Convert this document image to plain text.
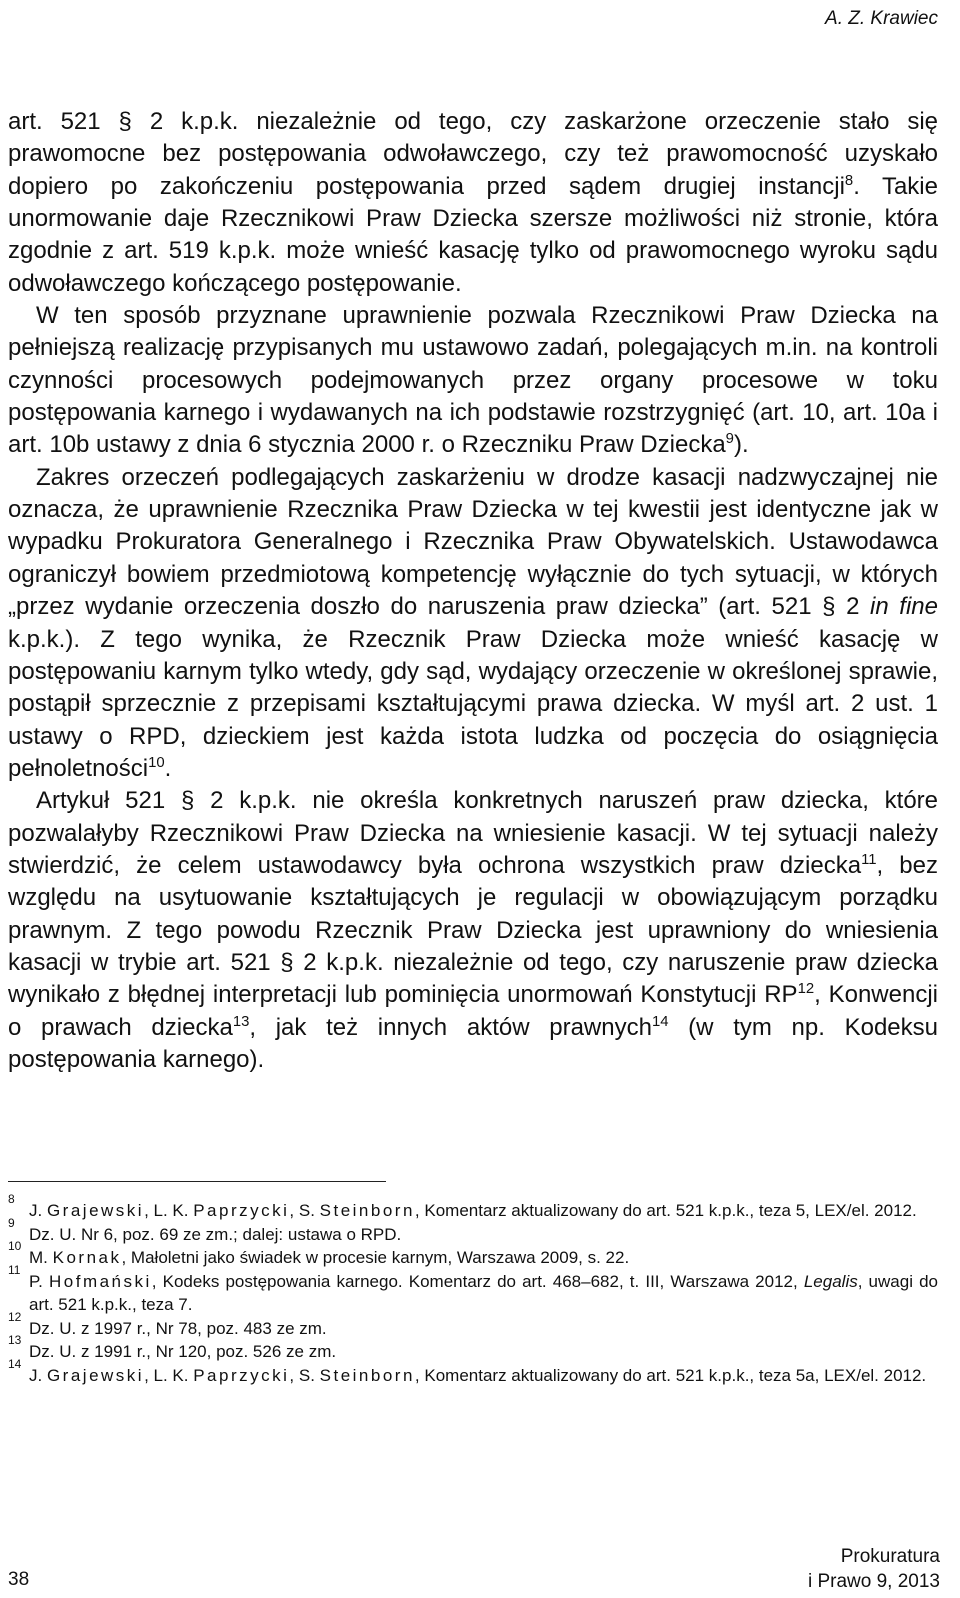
A. Z. Krawiec

art. 521 § 2 k.p.k. niezależnie od tego, czy zaskarżone orzeczenie stało się prawomocne bez postępowania odwoławczego, czy też prawomocność uzyskało dopiero po zakończeniu postępowania przed sądem drugiej instancji$^8$. Takie unormowanie daje Rzecznikowi Praw Dziecka szersze możliwości niż stronie, która zgodnie z art. 519 k.p.k. może wnieść kasację tylko od prawomocnego wyroku sądu odwoławczego kończącego postępowanie.

W ten sposób przyznane uprawnienie pozwala Rzecznikowi Praw Dziecka na pełniejszą realizację przypisanych mu ustawowo zadań, polegających m.in. na kontroli czynności procesowych podejmowanych przez organy procesowe w toku postępowania karnego i wydawanych na ich podstawie rozstrzygnięć (art. 10, art. 10a i art. 10b ustawy z dnia 6 stycznia 2000 r. o Rzeczniku Praw Dziecka$^9$).

Zakres orzeczeń podlegających zaskarżeniu w drodze kasacji nadzwyczajnej nie oznacza, że uprawnienie Rzecznika Praw Dziecka w tej kwestii jest identyczne jak w wypadku Prokuratora Generalnego i Rzecznika Praw Obywatelskich. Ustawodawca ograniczył bowiem przedmiotową kompetencję wyłącznie do tych sytuacji, w których „przez wydanie orzeczenia doszło do naruszenia praw dziecka” (art. 521 § 2 in fine k.p.k.). Z tego wynika, że Rzecznik Praw Dziecka może wnieść kasację w postępowaniu karnym tylko wtedy, gdy sąd, wydający orzeczenie w określonej sprawie, postąpił sprzecznie z przepisami kształtującymi prawa dziecka. W myśl art. 2 ust. 1 ustawy o RPD, dzieckiem jest każda istota ludzka od poczęcia do osiągnięcia pełnoletności$^{10}$.

Artykuł 521 § 2 k.p.k. nie określa konkretnych naruszeń praw dziecka, które pozwalałyby Rzecznikowi Praw Dziecka na wniesienie kasacji. W tej sytuacji należy stwierdzić, że celem ustawodawcy była ochrona wszystkich praw dziecka$^{11}$, bez względu na usytuowanie kształtujących je regulacji w obowiązującym porządku prawnym. Z tego powodu Rzecznik Praw Dziecka jest uprawniony do wniesienia kasacji w trybie art. 521 § 2 k.p.k. niezależnie od tego, czy naruszenie praw dziecka wynikało z błędnej interpretacji lub pominięcia unormowań Konstytucji RP$^{12}$, Konwencji o prawach dziecka$^{13}$, jak też innych aktów prawnych$^{14}$ (w tym np. Kodeksu postępowania karnego).

8
J. Grajewski, L. K. Paprzycki, S. Steinborn, Komentarz aktualizowany do art. 521 k.p.k., teza 5, LEX/el. 2012.
9
Dz. U. Nr 6, poz. 69 ze zm.; dalej: ustawa o RPD.
10
M. Kornak, Małoletni jako świadek w procesie karnym, Warszawa 2009, s. 22.
11
P. Hofmański, Kodeks postępowania karnego. Komentarz do art. 468–682, t. III, Warszawa 2012, Legalis, uwagi do art. 521 k.p.k., teza 7.
12
Dz. U. z 1997 r., Nr 78, poz. 483 ze zm.
13
Dz. U. z 1991 r., Nr 120, poz. 526 ze zm.
14
J. Grajewski, L. K. Paprzycki, S. Steinborn, Komentarz aktualizowany do art. 521 k.p.k., teza 5a, LEX/el. 2012.
38
Prokuratura
i Prawo 9, 2013
